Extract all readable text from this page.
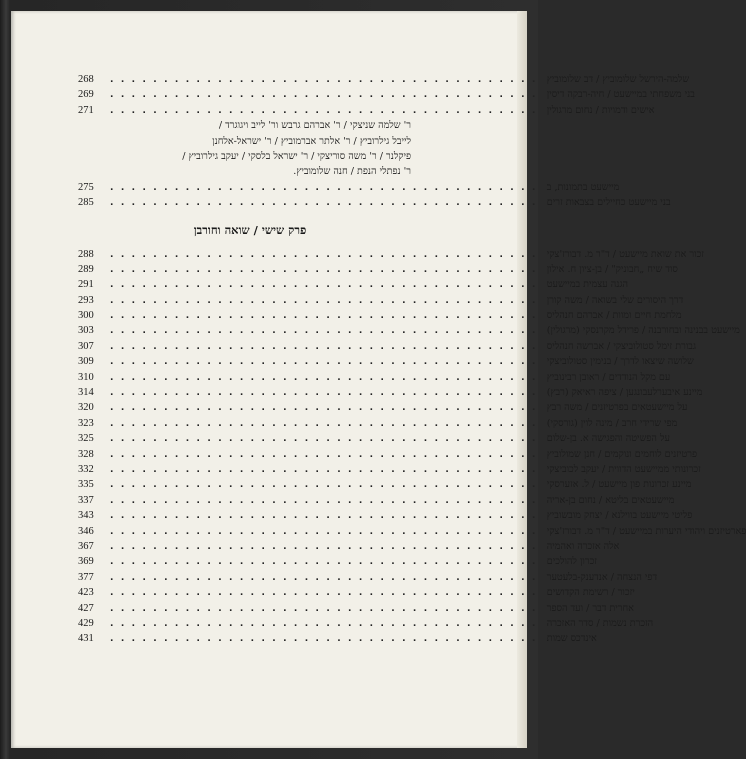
268	........................................ שלמה-הירשל שלומוביץ / דב שלומוביץ
269	........................................ בני משפחתי במיישעט / חיה-רבקה דיסין
271	........................................ אישים ודמויות / נחום מרגולין
ר' שלמה שניצקי / ר' אברהם גרבש ור' לייב ויגוגרד /
לייבל גילרוביץ / ר' אלתר אברמוביץ / ר' ישראל-אלחנן
פיקלנר / ר' משה סוריצקי / ר' ישראל בלסקי / יעקב גילרוביץ /
ר' נפתלי הנפת / חנה שלומוביץ.
275	........................................ מיישעט בתמונות, ב
285	........................................ בני מיישעט כחיילים בצבאות זרים
פרק שישי / שואה וחורבן
288	........................................ זכור את שואת מיישעט / ד"ר מ. דבורז'צקי
289	........................................ סוד שיח „חבוניק" / בן-ציון ח. אילון
291	........................................ הגנה עצמית במיישעט
293	........................................ דרך היסורים שלי בשואה / משה קורן
300	........................................ מלחמת חיים ומוות / אברהם חנהליס
303	........................................ מיישעט בבנינה ובחורבנה / פרידל מקרנסקי (מרגולין)
307	........................................ גבורת זימל סטולוביצקי / אברשה חנהליס
309	........................................ שלושה שיצאו לדרך / בנימין סטולוביצקי
310	........................................ עם מקל הנודדים / ראובן רבינוביץ
314	........................................ מיינע איבערלעבונגען / ציפה ראיאק (רבץ)
320	........................................ על מיישעטאים בפרטיזנים / משה רבץ
323	........................................ מפי שרידי חרב / מינה לוין (גורסקי)
325	........................................ על הפשיטה והפגישה א. בן-שלום
328	........................................ פרטיזנים לוחמים ונוקמים / חנן שמולוביץ
332	........................................ זכרונותי ממיישעט הדווית / יעקב לכוביצקי
335	........................................ מיינע זכרונות פון מיישעט / ל. אזערסקי
337	........................................ מיישעטאים בליטא / נחום בן-אריה
343	........................................ פליטי מיישעט בווילנא / יצחק מובשוביץ
346	........................................ פארטיזנים ויהודי היערות במיישעט / ד"ר מ. דבורז'צקי
367	........................................ אלה אזכרה ואהמיה
369	........................................ זכרון להולכים
377	........................................ דפי הנצחה / אנדענק-בלעטער
423	........................................ יזכור / רשימת הקדושים
427	........................................ אחרית דבר / ועד הספר
429	........................................ הזכרת נשמות / סדר האזכרה
431	........................................ אינדכס שמות
